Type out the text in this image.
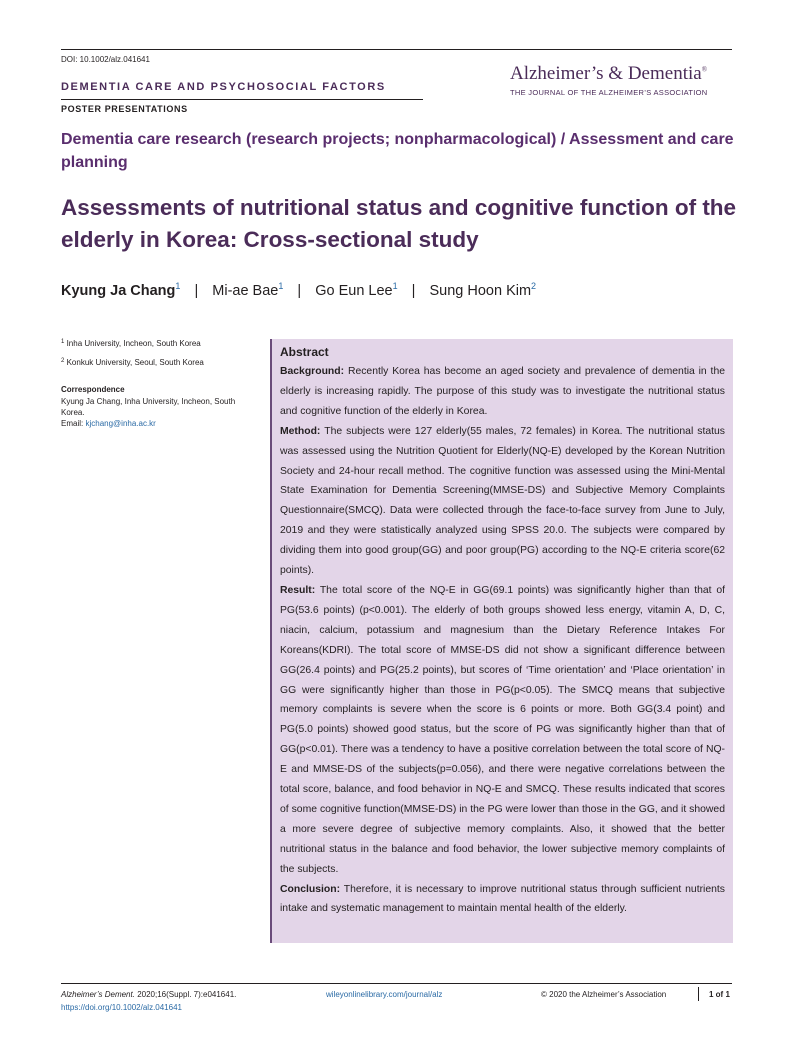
DOI: 10.1002/alz.041641
DEMENTIA CARE AND PSYCHOSOCIAL FACTORS
POSTER PRESENTATIONS
Alzheimer’s & Dementia®
THE JOURNAL OF THE ALZHEIMER’S ASSOCIATION
Dementia care research (research projects; nonpharmacological) / Assessment and care planning
Assessments of nutritional status and cognitive function of the elderly in Korea: Cross-sectional study
Kyung Ja Chang$^1$ | Mi-ae Bae$^1$ | Go Eun Lee$^1$ | Sung Hoon Kim$^2$
$^1$ Inha University, Incheon, South Korea
$^2$ Konkuk University, Seoul, South Korea
Correspondence
Kyung Ja Chang, Inha University, Incheon, South Korea.
Email: kjchang@inha.ac.kr
Abstract

Background: Recently Korea has become an aged society and prevalence of dementia in the elderly is increasing rapidly. The purpose of this study was to investigate the nutritional status and cognitive function of the elderly in Korea.

Method: The subjects were 127 elderly(55 males, 72 females) in Korea. The nutritional status was assessed using the Nutrition Quotient for Elderly(NQ-E) developed by the Korean Nutrition Society and 24-hour recall method. The cognitive function was assessed using the Mini-Mental State Examination for Dementia Screening(MMSE-DS) and Subjective Memory Complaints Questionnaire(SMCQ). Data were collected through the face-to-face survey from June to July, 2019 and they were statistically analyzed using SPSS 20.0. The subjects were compared by dividing them into good group(GG) and poor group(PG) according to the NQ-E criteria score(62 points).

Result: The total score of the NQ-E in GG(69.1 points) was significantly higher than that of PG(53.6 points) (p<0.001). The elderly of both groups showed less energy, vitamin A, D, C, niacin, calcium, potassium and magnesium than the Dietary Reference Intakes For Koreans(KDRI). The total score of MMSE-DS did not show a significant difference between GG(26.4 points) and PG(25.2 points), but scores of ‘Time orientation’ and ‘Place orientation’ in GG were significantly higher than those in PG(p<0.05). The SMCQ means that subjective memory complaints is severe when the score is 6 points or more. Both GG(3.4 point) and PG(5.0 points) showed good status, but the score of PG was significantly higher than that of GG(p<0.01). There was a tendency to have a positive correlation between the total score of NQ-E and MMSE-DS of the subjects(p=0.056), and there were negative correlations between the total score, balance, and food behavior in NQ-E and SMCQ. These results indicated that scores of some cognitive function(MMSE-DS) in the PG were lower than those in the GG, and it showed a more severe degree of subjective memory complaints. Also, it showed that the better nutritional status in the balance and food behavior, the lower subjective memory complaints of the subjects.

Conclusion: Therefore, it is necessary to improve nutritional status through sufficient nutrients intake and systematic management to maintain mental health of the elderly.

Alzheimer’s Dement. 2020;16(Suppl. 7):e041641.
https://doi.org/10.1002/alz.041641
wileyonlinelibrary.com/journal/alz	© 2020 the Alzheimer’s Association	1 of 1
